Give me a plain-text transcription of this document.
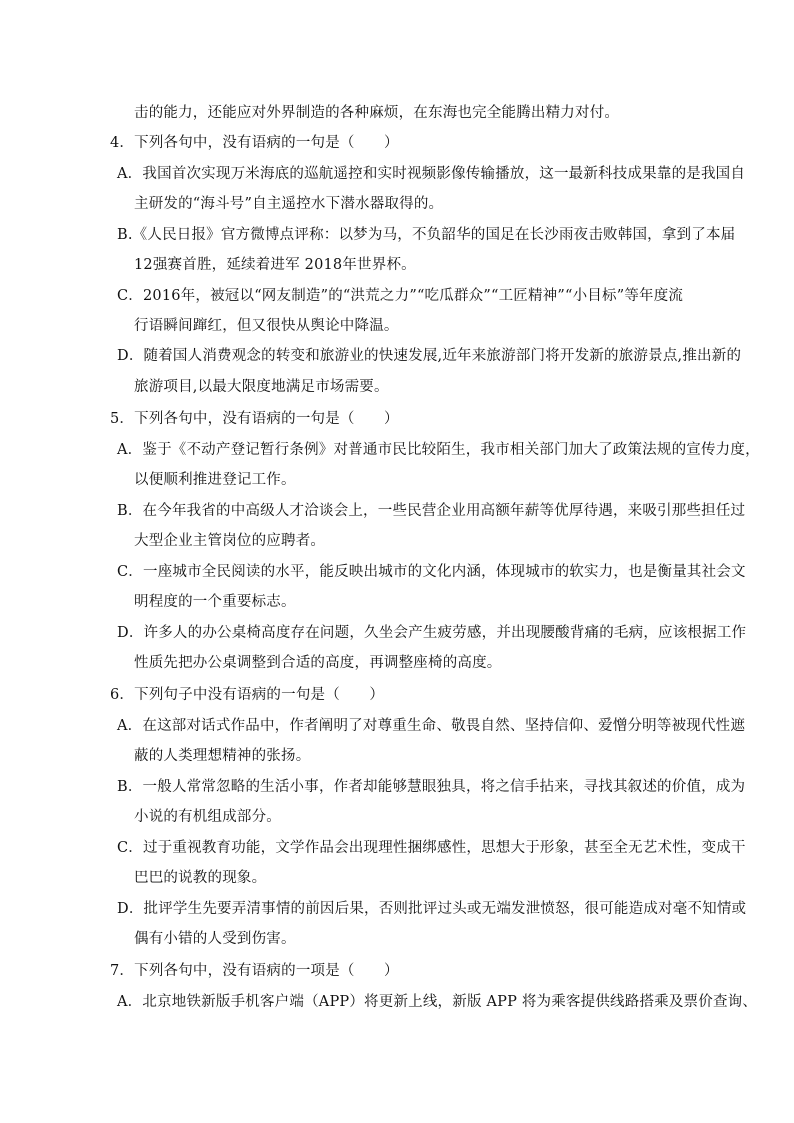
击的能力，还能应对外界制造的各种麻烦，在东海也完全能腾出精力对付。
4．下列各句中，没有语病的一句是（　　）
A．我国首次实现万米海底的巡航遥控和实时视频影像传输播放，这一最新科技成果靠的是我国自
主研发的“海斗号”自主遥控水下潜水器取得的。
B.《人民日报》官方微博点评称：以梦为马，不负韶华的国足在长沙雨夜击败韩国，拿到了本届
12强赛首胜，延续着进军 2018年世界杯。
C．2016年，被冠以“网友制造”的“洪荒之力”“吃瓜群众”“工匠精神”“小目标”等年度流
行语瞬间蹿红，但又很快从舆论中降温。
D．随着国人消费观念的转变和旅游业的快速发展,近年来旅游部门将开发新的旅游景点,推出新的
旅游项目,以最大限度地满足市场需要。
5．下列各句中，没有语病的一句是（　　）
A．鉴于《不动产登记暂行条例》对普通市民比较陌生，我市相关部门加大了政策法规的宣传力度，
以便顺利推进登记工作。
B．在今年我省的中高级人才洽谈会上，一些民营企业用高额年薪等优厚待遇，来吸引那些担任过
大型企业主管岗位的应聘者。
C．一座城市全民阅读的水平，能反映出城市的文化内涵，体现城市的软实力，也是衡量其社会文
明程度的一个重要标志。
D．许多人的办公桌椅高度存在问题，久坐会产生疲劳感，并出现腰酸背痛的毛病，应该根据工作
性质先把办公桌调整到合适的高度，再调整座椅的高度。
6．下列句子中没有语病的一句是（　　）
A．在这部对话式作品中，作者阐明了对尊重生命、敬畏自然、坚持信仰、爱憎分明等被现代性遮
蔽的人类理想精神的张扬。
B．一般人常常忽略的生活小事，作者却能够慧眼独具，将之信手拈来，寻找其叙述的价值，成为
小说的有机组成部分。
C．过于重视教育功能，文学作品会出现理性捆绑感性，思想大于形象，甚至全无艺术性，变成干
巴巴的说教的现象。
D．批评学生先要弄清事情的前因后果，否则批评过头或无端发泄愤怒，很可能造成对毫不知情或
偶有小错的人受到伤害。
7．下列各句中，没有语病的一项是（　　）
A．北京地铁新版手机客户端（APP）将更新上线，新版 APP 将为乘客提供线路搭乘及票价查询、
